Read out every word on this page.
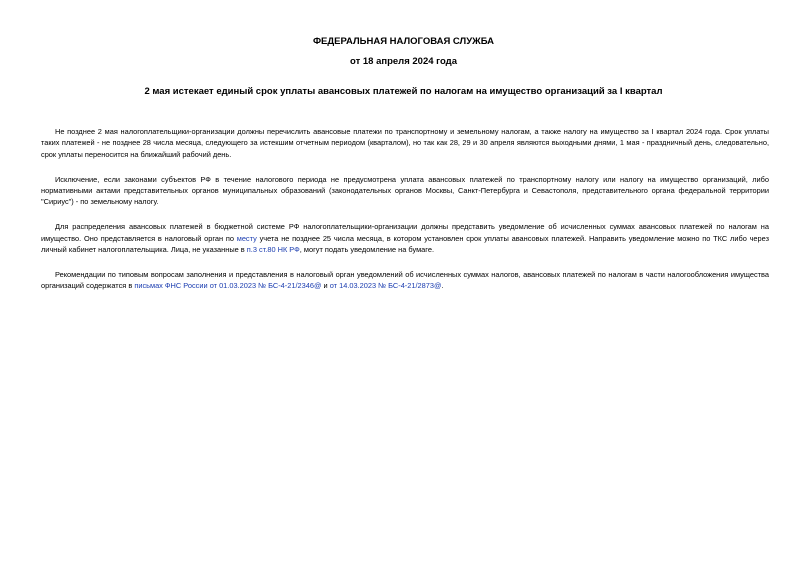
ФЕДЕРАЛЬНАЯ НАЛОГОВАЯ СЛУЖБА
от 18 апреля 2024 года
2 мая истекает единый срок уплаты авансовых платежей по налогам на имущество организаций за I квартал

Не позднее 2 мая налогоплательщики-организации должны перечислить авансовые платежи по транспортному и земельному налогам, а также налогу на имущество за I квартал 2024 года. Срок уплаты таких платежей - не позднее 28 числа месяца, следующего за истекшим отчетным периодом (кварталом), но так как 28, 29 и 30 апреля являются выходными днями, 1 мая - праздничный день, следовательно, срок уплаты переносится на ближайший рабочий день.

Исключение, если законами субъектов РФ в течение налогового периода не предусмотрена уплата авансовых платежей по транспортному налогу или налогу на имущество организаций, либо нормативными актами представительных органов муниципальных образований (законодательных органов Москвы, Санкт-Петербурга и Севастополя, представительного органа федеральной территории "Сириус") - по земельному налогу.

Для распределения авансовых платежей в бюджетной системе РФ налогоплательщики-организации должны представить уведомление об исчисленных суммах авансовых платежей по налогам на имущество. Оно представляется в налоговый орган по месту учета не позднее 25 числа месяца, в котором установлен срок уплаты авансовых платежей. Направить уведомление можно по ТКС либо через личный кабинет налогоплательщика. Лица, не указанные в п.3 ст.80 НК РФ, могут подать уведомление на бумаге.

Рекомендации по типовым вопросам заполнения и представления в налоговый орган уведомлений об исчисленных суммах налогов, авансовых платежей по налогам в части налогообложения имущества организаций содержатся в письмах ФНС России от 01.03.2023 № БС-4-21/2346@ и от 14.03.2023 № БС-4-21/2873@.
